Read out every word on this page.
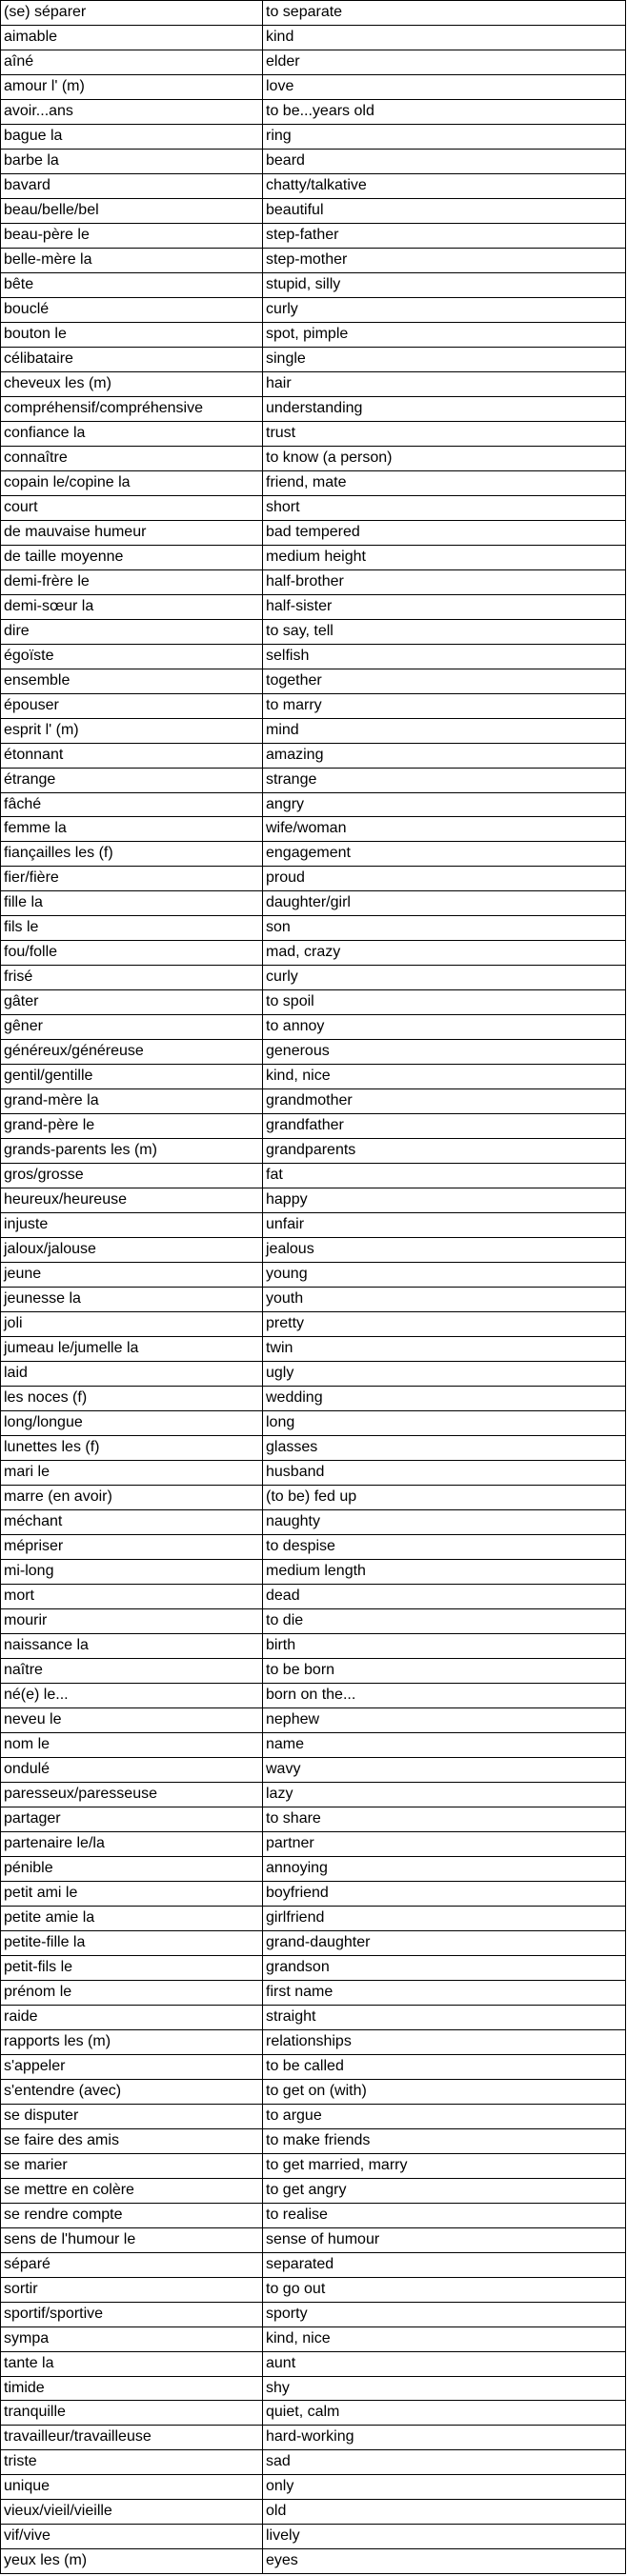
(se) séparer	to separate
aimable	kind
aîné	elder
amour l' (m)	love
avoir...ans	to be...years old
bague la	ring
barbe la	beard
bavard	chatty/talkative
beau/belle/bel	beautiful
beau-père le	step-father
belle-mère la	step-mother
bête	stupid, silly
bouclé	curly
bouton le	spot, pimple
célibataire	single
cheveux les (m)	hair
compréhensif/compréhensive	understanding
confiance la	trust
connaître	to know (a person)
copain le/copine la	friend, mate
court	short
de mauvaise humeur	bad tempered
de taille moyenne	medium height
demi-frère le	half-brother
demi-sœur la	half-sister
dire	to say, tell
égoïste	selfish
ensemble	together
épouser	to marry
esprit l' (m)	mind
étonnant	amazing
étrange	strange
fâché	angry
femme la	wife/woman
fiançailles les (f)	engagement
fier/fière	proud
fille la	daughter/girl
fils le	son
fou/folle	mad, crazy
frisé	curly
gâter	to spoil
gêner	to annoy
généreux/généreuse	generous
gentil/gentille	kind, nice
grand-mère la	grandmother
grand-père le	grandfather
grands-parents les (m)	grandparents
gros/grosse	fat
heureux/heureuse	happy
injuste	unfair
jaloux/jalouse	jealous
jeune	young
jeunesse la	youth
joli	pretty
jumeau le/jumelle la	twin
laid	ugly
les noces (f)	wedding
long/longue	long
lunettes les (f)	glasses
mari le	husband
marre (en avoir)	(to be) fed up
méchant	naughty
mépriser	to despise
mi-long	medium length
mort	dead
mourir	to die
naissance la	birth
naître	to be born
né(e) le...	born on the...
neveu le	nephew
nom le	name
ondulé	wavy
paresseux/paresseuse	lazy
partager	to share
partenaire le/la	partner
pénible	annoying
petit ami le	boyfriend
petite amie la	girlfriend
petite-fille la	grand-daughter
petit-fils le	grandson
prénom le	first name
raide	straight
rapports les (m)	relationships
s'appeler	to be called
s'entendre (avec)	to get on (with)
se disputer	to argue
se faire des amis	to make friends
se marier	to get married, marry
se mettre en colère	to get angry
se rendre compte	to realise
sens de l'humour le	sense of humour
séparé	separated
sortir	to go out
sportif/sportive	sporty
sympa	kind, nice
tante la	aunt
timide	shy
tranquille	quiet, calm
travailleur/travailleuse	hard-working
triste	sad
unique	only
vieux/vieil/vieille	old
vif/vive	lively
yeux les (m)	eyes
